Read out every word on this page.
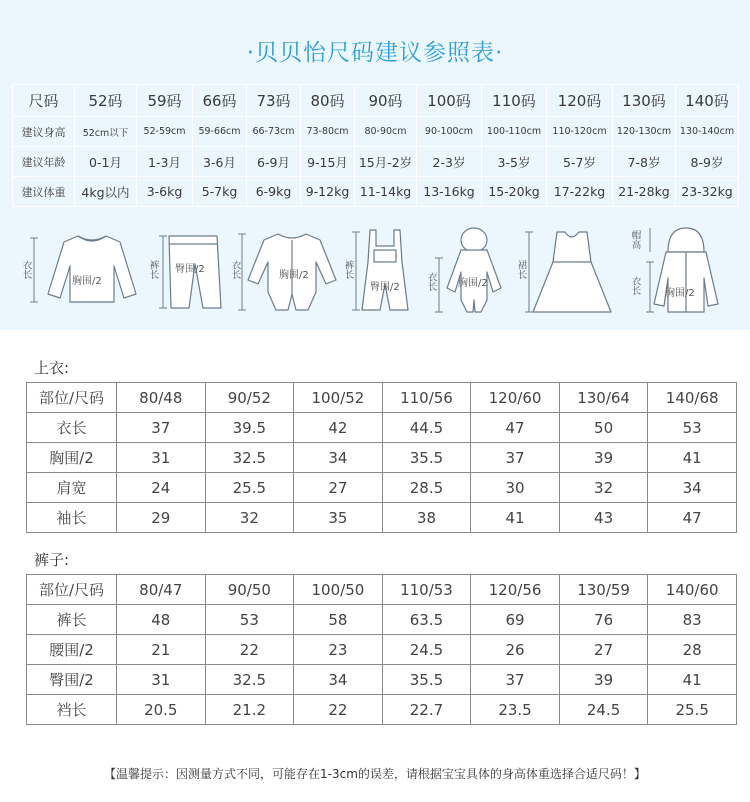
·贝贝怡尺码建议参照表·
尺码	52码	59码	66码	73码	80码	90码	100码	110码	120码	130码	140码
建议身高	52cm以下	52-59cm	59-66cm	66-73cm	73-80cm	80-90cm	90-100cm	100-110cm	110-120cm	120-130cm	130-140cm
建议年龄	0-1月	1-3月	3-6月	6-9月	9-15月	15月-2岁	2-3岁	3-5岁	5-7岁	7-8岁	8-9岁
建议体重	4kg以内	3-6kg	5-7kg	6-9kg	9-12kg	11-14kg	13-16kg	15-20kg	17-22kg	21-28kg	23-32kg
衣长
胸围/2
裤长 臀围/2	衣长	胸围/2	裤长
臀围/2	衣长 胸围/2
裙长
帽高
衣长 胸围/2
上衣:
部位/尺码	80/48	90/52	100/52	110/56	120/60	130/64	140/68
衣长	37	39.5	42	44.5	47	50	53
胸围/2	31	32.5	34	35.5	37	39	41
肩宽	24	25.5	27	28.5	30	32	34
袖长	29	32	35	38	41	43	47
裤子:
部位/尺码	80/47	90/50	100/50	110/53	120/56	130/59	140/60
裤长	48	53	58	63.5	69	76	83
腰围/2	21	22	23	24.5	26	27	28
臀围/2	31	32.5	34	35.5	37	39	41
裆长	20.5	21.2	22	22.7	23.5	24.5	25.5
【温馨提示：因测量方式不同，可能存在1-3cm的误差，请根据宝宝具体的身高体重选择合适尺码！】
